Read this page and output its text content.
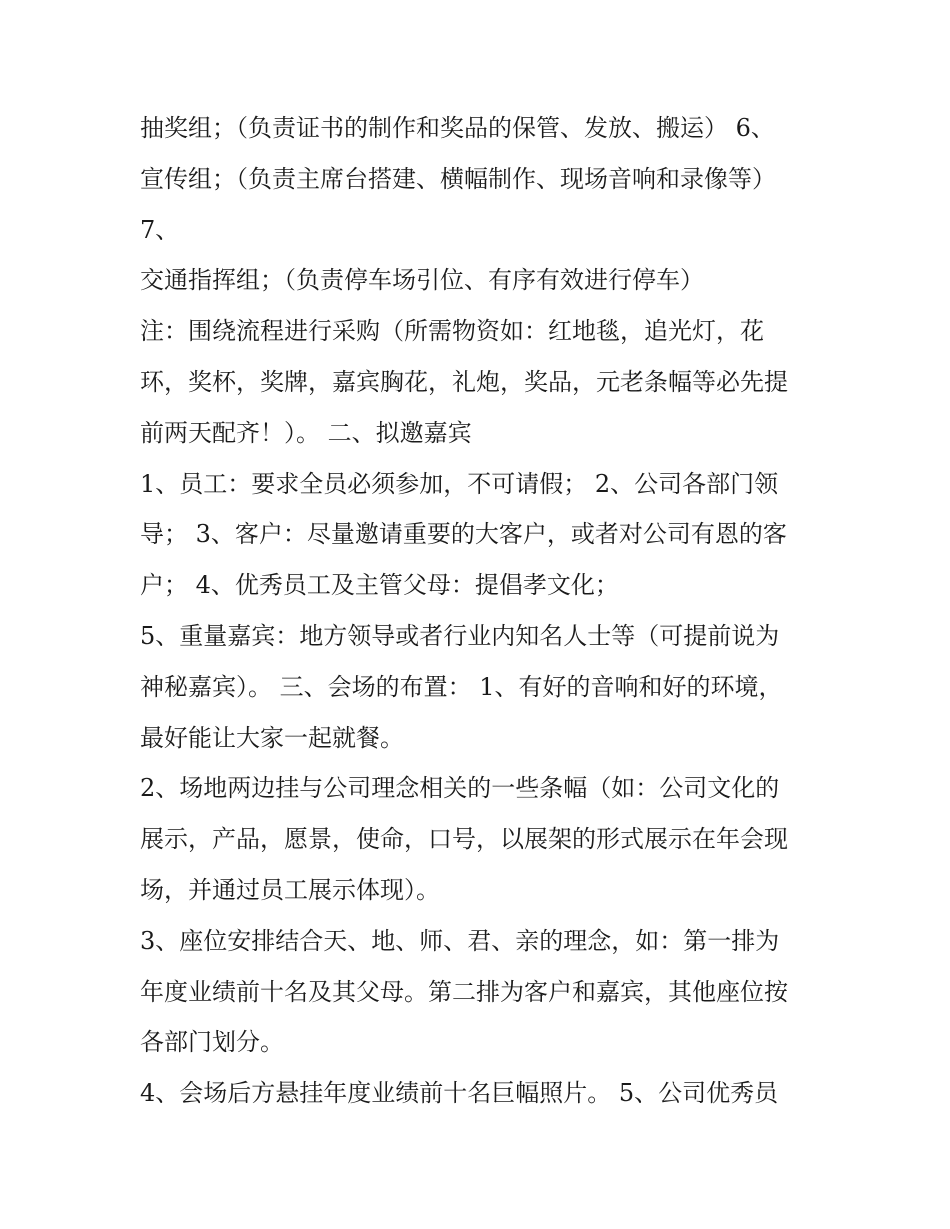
抽奖组；（负责证书的制作和奖品的保管、发放、搬运） 6、

宣传组；（负责主席台搭建、横幅制作、现场音响和录像等）

7、

交通指挥组；（负责停车场引位、有序有效进行停车）

注：围绕流程进行采购（所需物资如：红地毯，追光灯，花

环，奖杯，奖牌，嘉宾胸花，礼炮，奖品，元老条幅等必先提

前两天配齐！）。 二、拟邀嘉宾

1、员工：要求全员必须参加，不可请假； 2、公司各部门领

导； 3、客户：尽量邀请重要的大客户，或者对公司有恩的客

户； 4、优秀员工及主管父母：提倡孝文化；

5、重量嘉宾：地方领导或者行业内知名人士等（可提前说为

神秘嘉宾）。 三、会场的布置： 1、有好的音响和好的环境，

最好能让大家一起就餐。

2、场地两边挂与公司理念相关的一些条幅（如：公司文化的

展示，产品，愿景，使命，口号，以展架的形式展示在年会现

场，并通过员工展示体现）。

3、座位安排结合天、地、师、君、亲的理念，如：第一排为

年度业绩前十名及其父母。第二排为客户和嘉宾，其他座位按

各部门划分。

4、会场后方悬挂年度业绩前十名巨幅照片。 5、公司优秀员
